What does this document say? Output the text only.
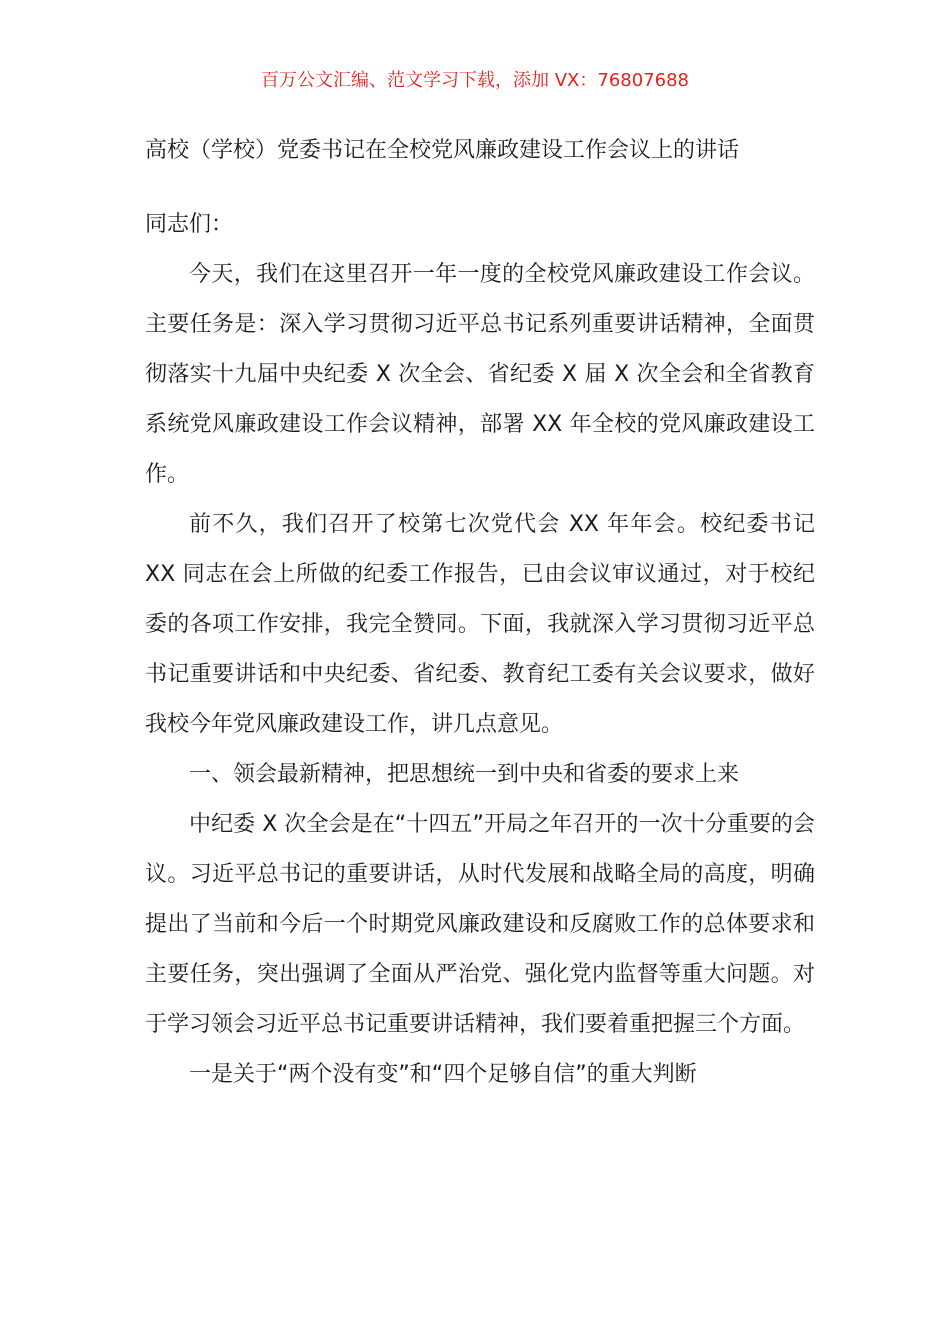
百万公文汇编、范文学习下载，添加 VX：76807688
高校（学校）党委书记在全校党风廉政建设工作会议上的讲话

同志们：

今天，我们在这里召开一年一度的全校党风廉政建设工作会议。主要任务是：深入学习贯彻习近平总书记系列重要讲话精神，全面贯彻落实十九届中央纪委 X 次全会、省纪委 X 届 X 次全会和全省教育系统党风廉政建设工作会议精神，部署 XX 年全校的党风廉政建设工作。

前不久，我们召开了校第七次党代会 XX 年年会。校纪委书记 XX 同志在会上所做的纪委工作报告，已由会议审议通过，对于校纪委的各项工作安排，我完全赞同。下面，我就深入学习贯彻习近平总书记重要讲话和中央纪委、省纪委、教育纪工委有关会议要求，做好我校今年党风廉政建设工作，讲几点意见。

一、领会最新精神，把思想统一到中央和省委的要求上来

中纪委 X 次全会是在“十四五”开局之年召开的一次十分重要的会议。习近平总书记的重要讲话，从时代发展和战略全局的高度，明确提出了当前和今后一个时期党风廉政建设和反腐败工作的总体要求和主要任务，突出强调了全面从严治党、强化党内监督等重大问题。对于学习领会习近平总书记重要讲话精神，我们要着重把握三个方面。

一是关于“两个没有变”和“四个足够自信”的重大判断
